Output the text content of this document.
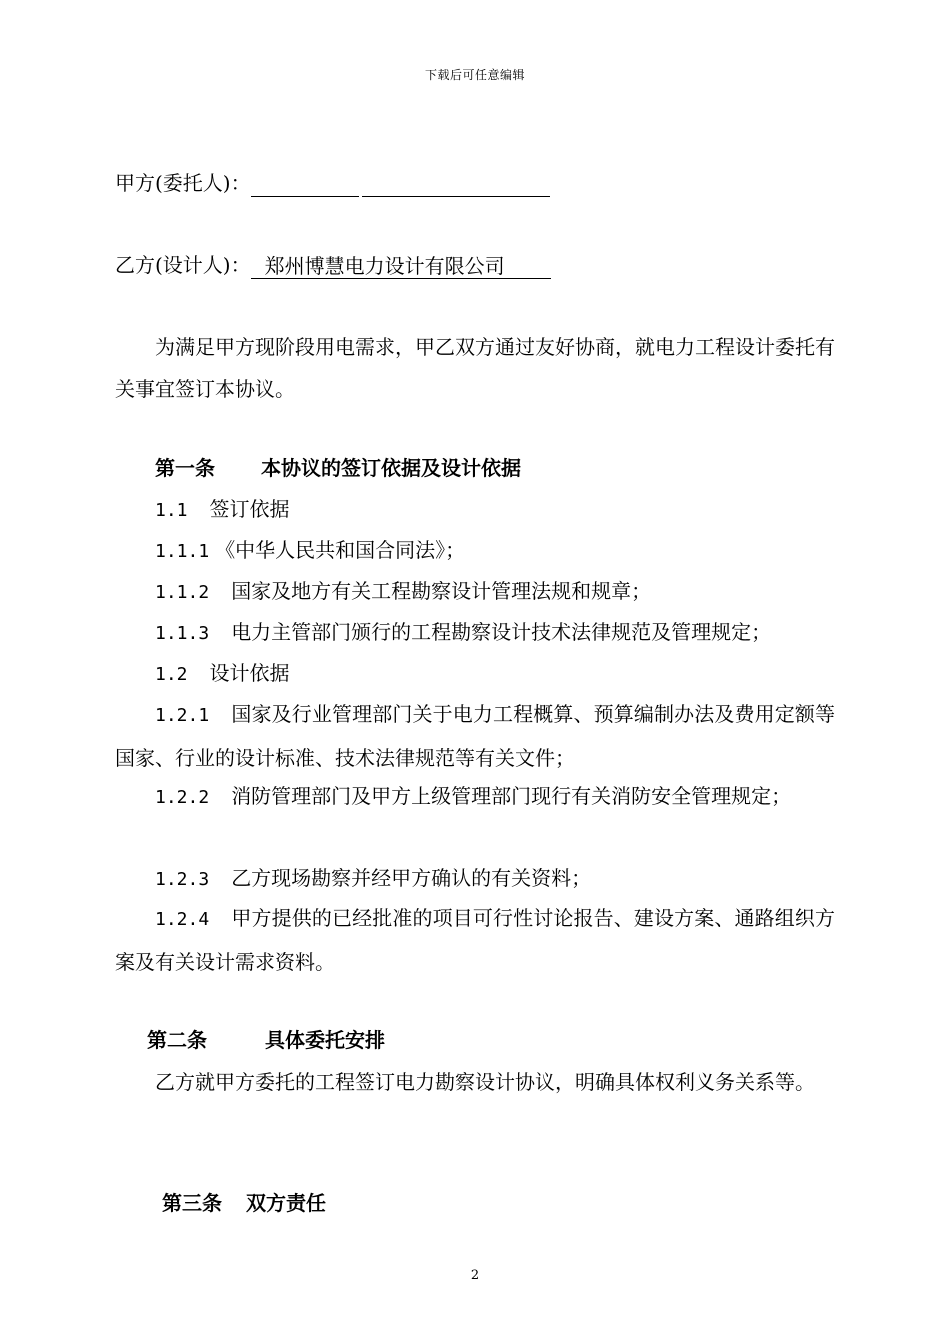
下载后可任意编辑
甲方(委托人)：
乙方(设计人)： 郑州博慧电力设计有限公司
为满足甲方现阶段用电需求，甲乙双方通过友好协商，就电力工程设计委托有关事宜签订本协议。
第一条 本协议的签订依据及设计依据
1.1 签订依据
1.1.1 《中华人民共和国合同法》；
1.1.2 国家及地方有关工程勘察设计管理法规和规章；
1.1.3 电力主管部门颁行的工程勘察设计技术法律规范及管理规定；
1.2 设计依据
1.2.1 国家及行业管理部门关于电力工程概算、预算编制办法及费用定额等国家、行业的设计标准、技术法律规范等有关文件；
1.2.2 消防管理部门及甲方上级管理部门现行有关消防安全管理规定；
1.2.3 乙方现场勘察并经甲方确认的有关资料；
1.2.4 甲方提供的已经批准的项目可行性讨论报告、建设方案、通路组织方案及有关设计需求资料。
第二条	具体委托安排
乙方就甲方委托的工程签订电力勘察设计协议，明确具体权利义务关系等。
第三条 双方责任
2
